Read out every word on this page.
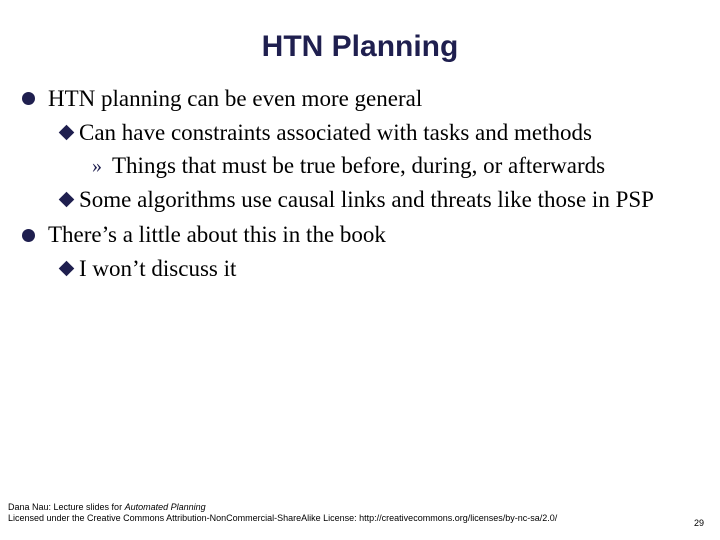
HTN Planning
HTN planning can be even more general
Can have constraints associated with tasks and methods
» Things that must be true before, during, or afterwards
Some algorithms use causal links and threats like those in PSP
There’s a little about this in the book
I won’t discuss it
Dana Nau: Lecture slides for Automated Planning
Licensed under the Creative Commons Attribution-NonCommercial-ShareAlike License: http://creativecommons.org/licenses/by-nc-sa/2.0/	29
